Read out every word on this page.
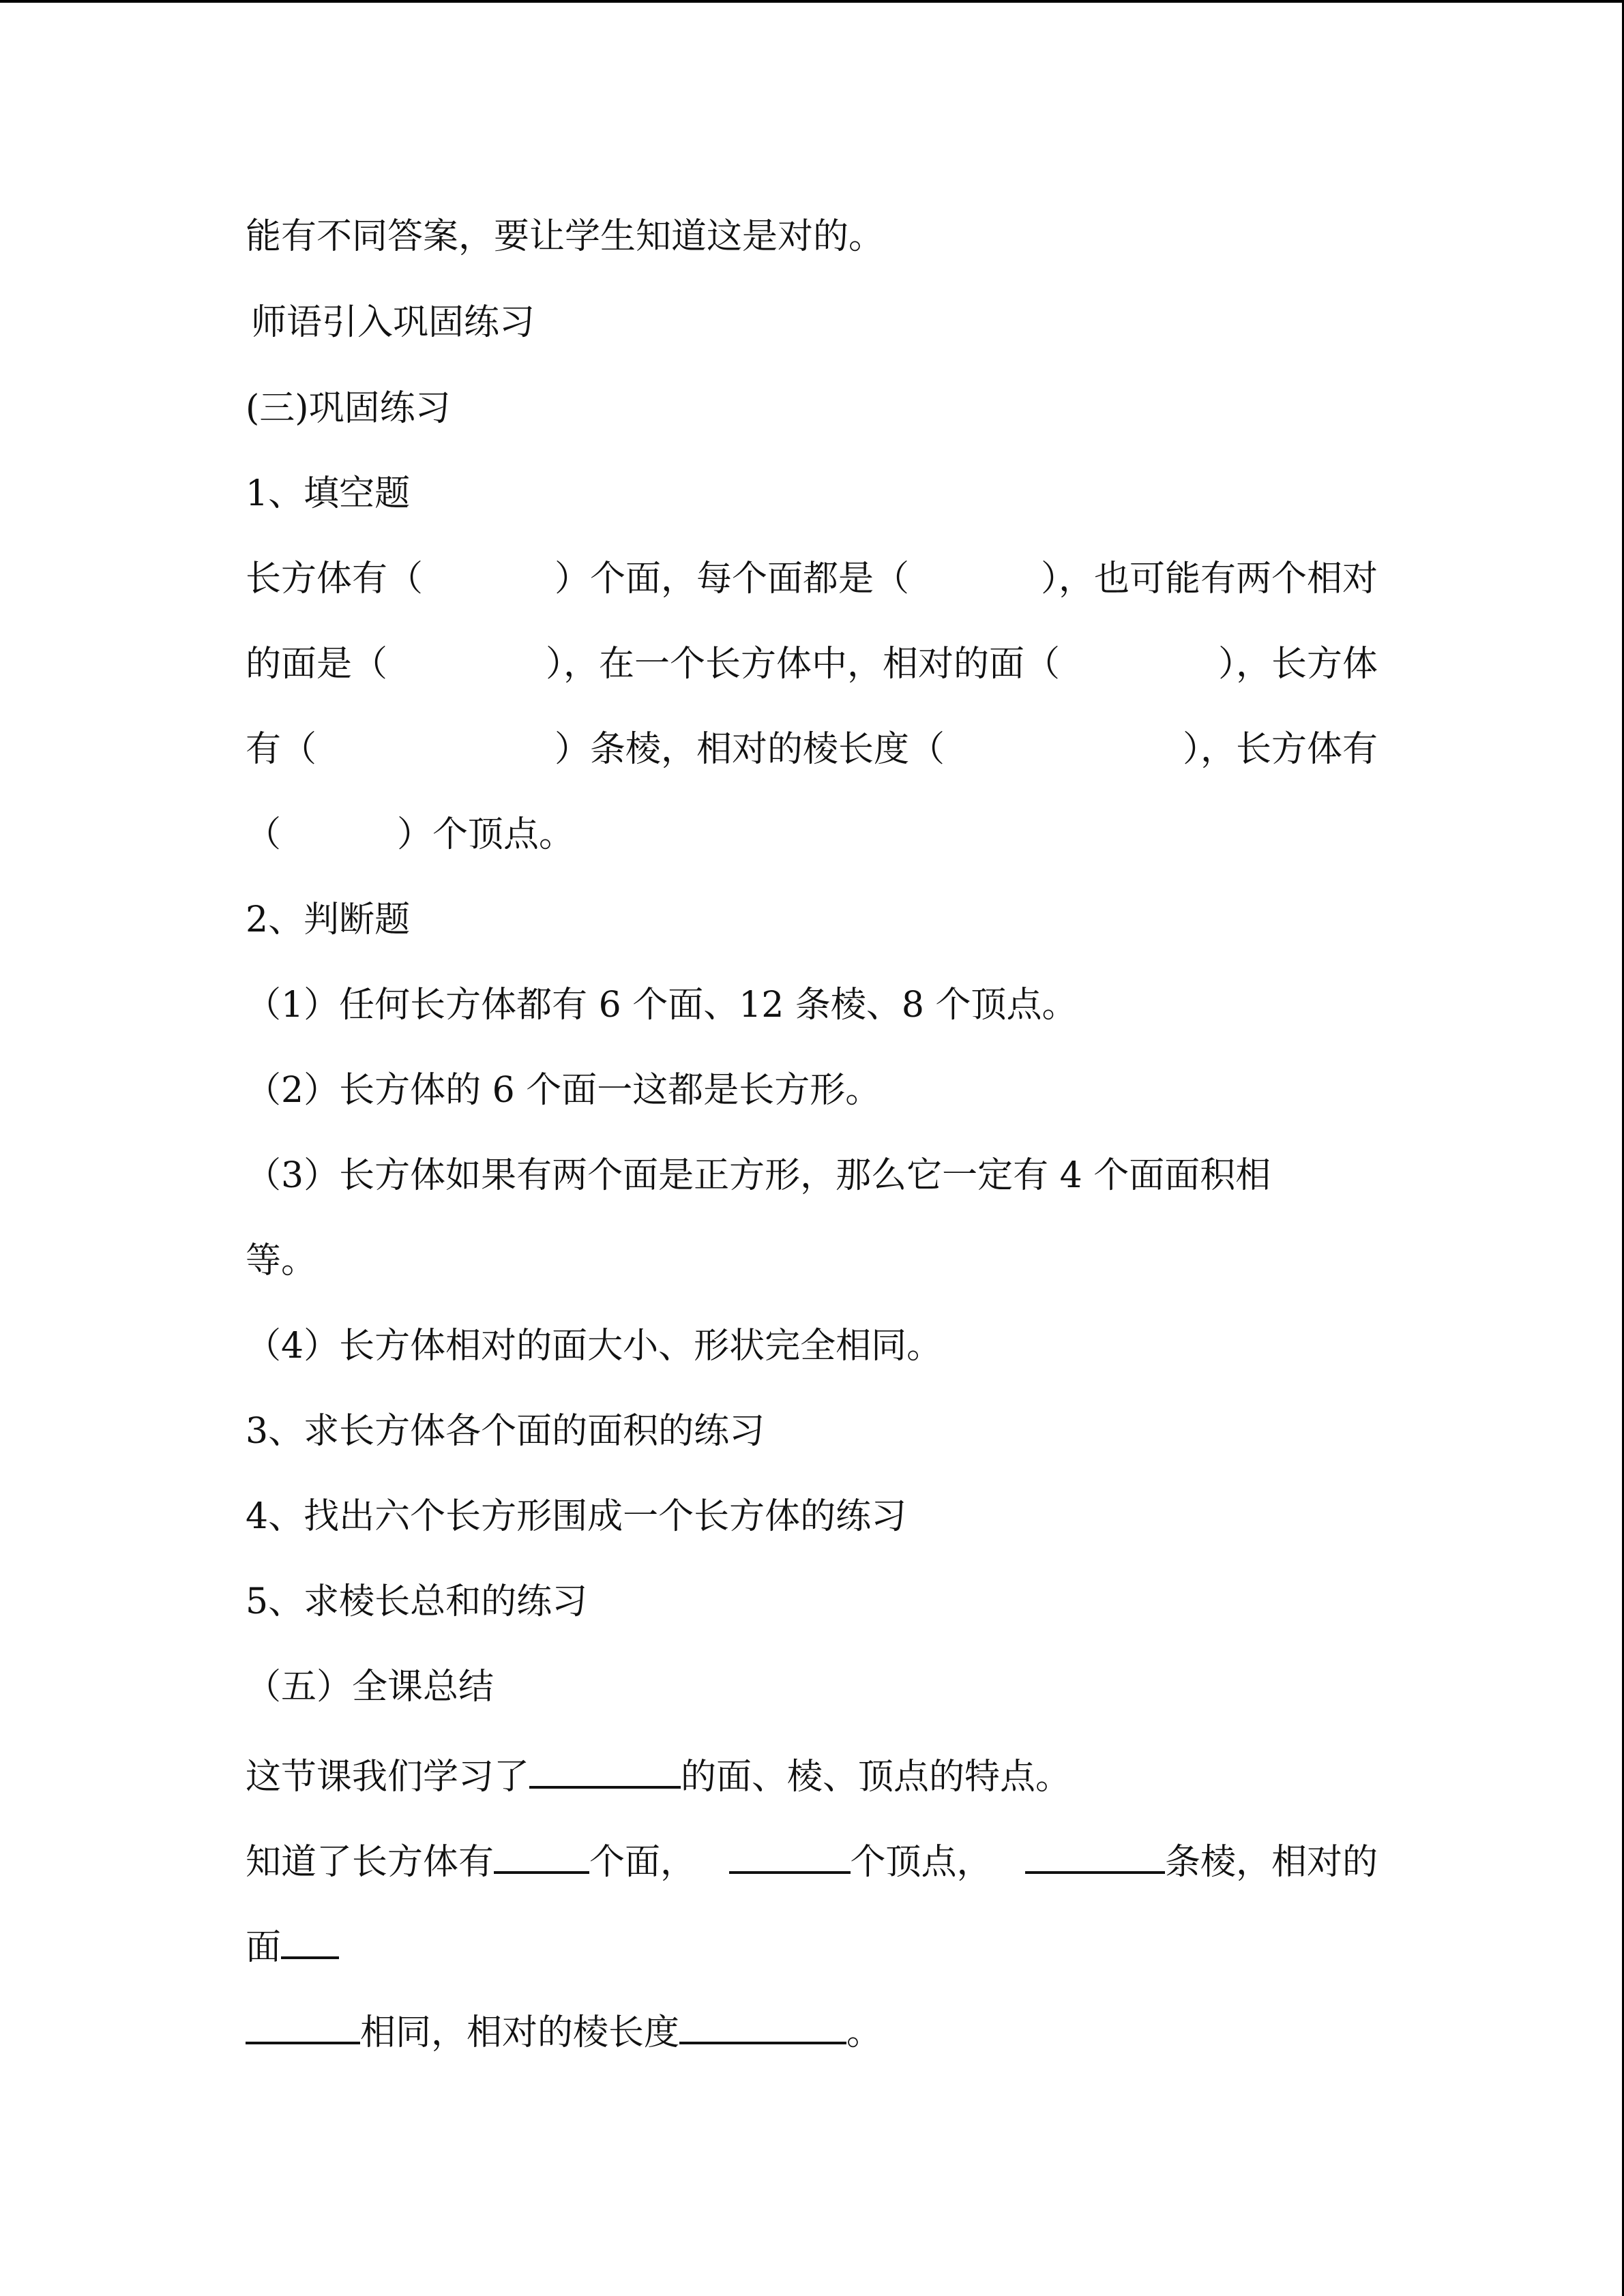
能有不同答案，要让学生知道这是对的。
师语引入巩固练习
(三)巩固练习
1、填空题
长方体有（	）个面，每个面都是（	），也可能有两个相对
的面是（	），在一个长方体中，相对的面（	），长方体
有（	）条棱，相对的棱长度（	），长方体有
（	）个顶点。
2、判断题
（1）任何长方体都有 6 个面、12 条棱、8 个顶点。
（2）长方体的 6 个面一这都是长方形。
（3）长方体如果有两个面是正方形，那么它一定有 4 个面面积相
等。
（4）长方体相对的面大小、形状完全相同。
3、求长方体各个面的面积的练习
4、找出六个长方形围成一个长方体的练习
5、求棱长总和的练习
（五）全课总结
这节课我们学习了	的面、棱、顶点的特点。
知道了长方体有	个面，	个顶点，	条棱，相对的
面
相同，相对的棱长度	。
